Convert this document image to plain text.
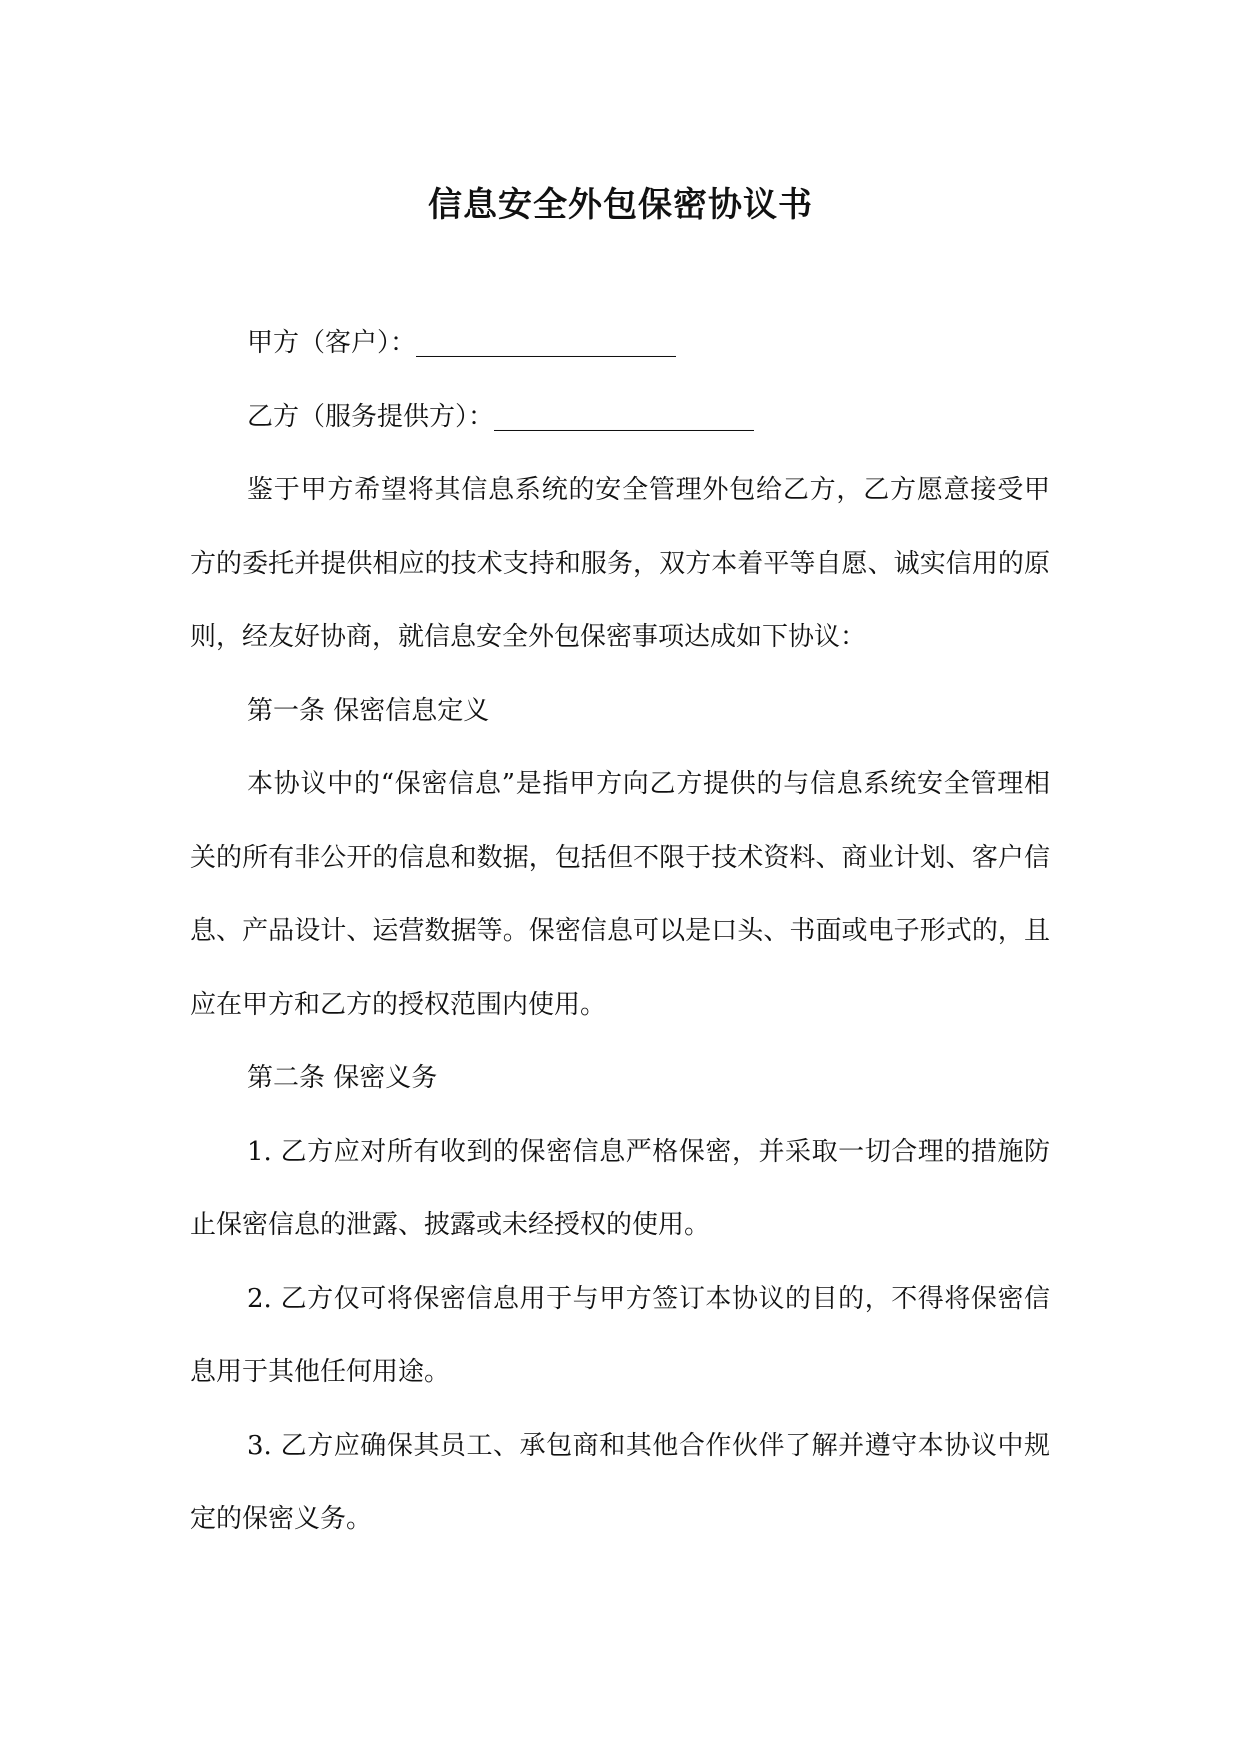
信息安全外包保密协议书

甲方（客户）：____________________

乙方（服务提供方）：____________________

鉴于甲方希望将其信息系统的安全管理外包给乙方，乙方愿意接受甲方的委托并提供相应的技术支持和服务，双方本着平等自愿、诚实信用的原则，经友好协商，就信息安全外包保密事项达成如下协议：

第一条 保密信息定义

本协议中的“保密信息”是指甲方向乙方提供的与信息系统安全管理相关的所有非公开的信息和数据，包括但不限于技术资料、商业计划、客户信息、产品设计、运营数据等。保密信息可以是口头、书面或电子形式的，且应在甲方和乙方的授权范围内使用。

第二条 保密义务

1. 乙方应对所有收到的保密信息严格保密，并采取一切合理的措施防止保密信息的泄露、披露或未经授权的使用。

2. 乙方仅可将保密信息用于与甲方签订本协议的目的，不得将保密信息用于其他任何用途。

3. 乙方应确保其员工、承包商和其他合作伙伴了解并遵守本协议中规定的保密义务。
